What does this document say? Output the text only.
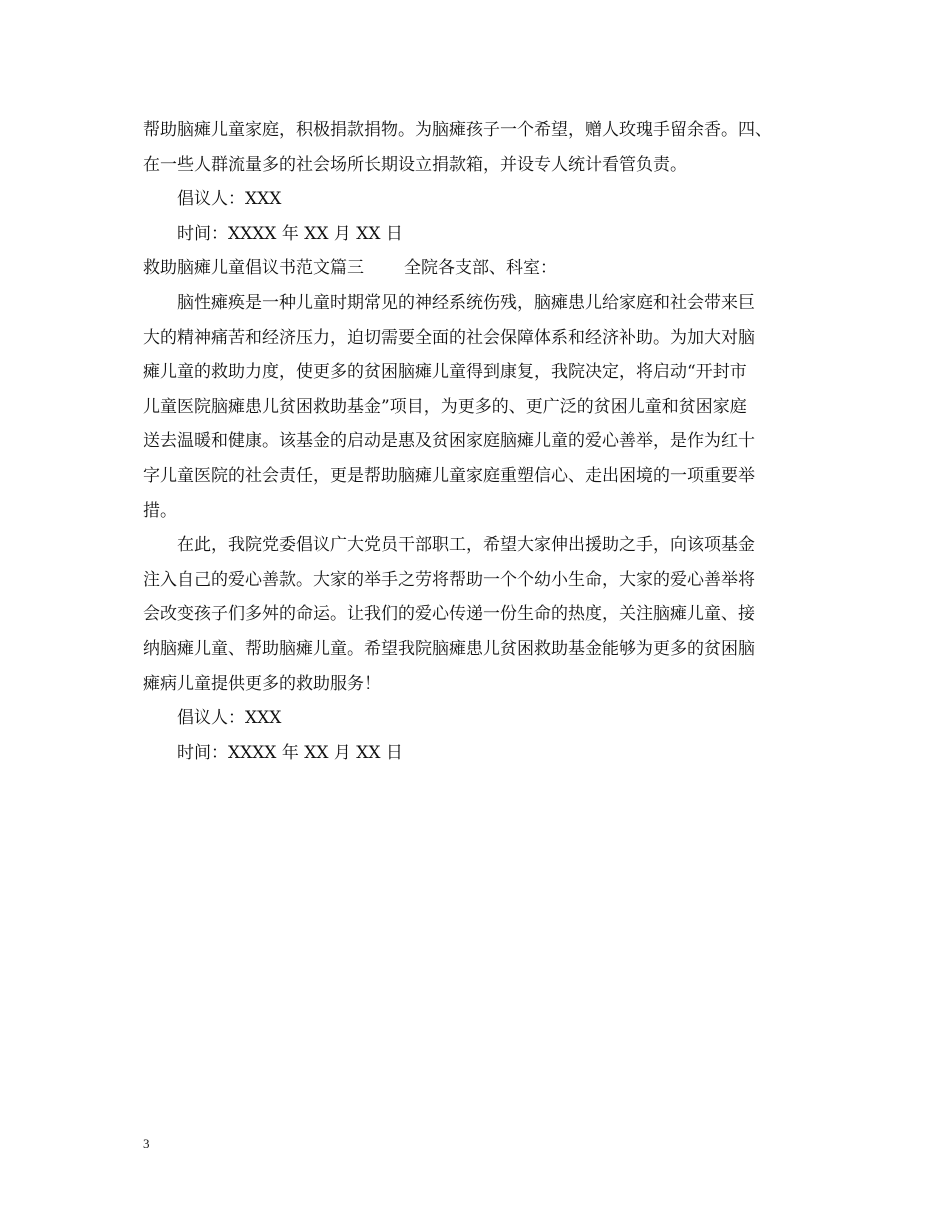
帮助脑瘫儿童家庭，积极捐款捐物。为脑瘫孩子一个希望，赠人玫瑰手留余香。四、
在一些人群流量多的社会场所长期设立捐款箱，并设专人统计看管负责。
倡议人：XXX
时间：XXXX 年 XX 月 XX 日
救助脑瘫儿童倡议书范文篇三 全院各支部、科室：
脑性瘫痪是一种儿童时期常见的神经系统伤残，脑瘫患儿给家庭和社会带来巨
大的精神痛苦和经济压力，迫切需要全面的社会保障体系和经济补助。为加大对脑
瘫儿童的救助力度，使更多的贫困脑瘫儿童得到康复，我院决定，将启动“开封市
儿童医院脑瘫患儿贫困救助基金”项目，为更多的、更广泛的贫困儿童和贫困家庭
送去温暖和健康。该基金的启动是惠及贫困家庭脑瘫儿童的爱心善举，是作为红十
字儿童医院的社会责任，更是帮助脑瘫儿童家庭重塑信心、走出困境的一项重要举
措。
在此，我院党委倡议广大党员干部职工，希望大家伸出援助之手，向该项基金
注入自己的爱心善款。大家的举手之劳将帮助一个个幼小生命，大家的爱心善举将
会改变孩子们多舛的命运。让我们的爱心传递一份生命的热度，关注脑瘫儿童、接
纳脑瘫儿童、帮助脑瘫儿童。希望我院脑瘫患儿贫困救助基金能够为更多的贫困脑
瘫病儿童提供更多的救助服务！
倡议人：XXX
时间：XXXX 年 XX 月 XX 日
3
